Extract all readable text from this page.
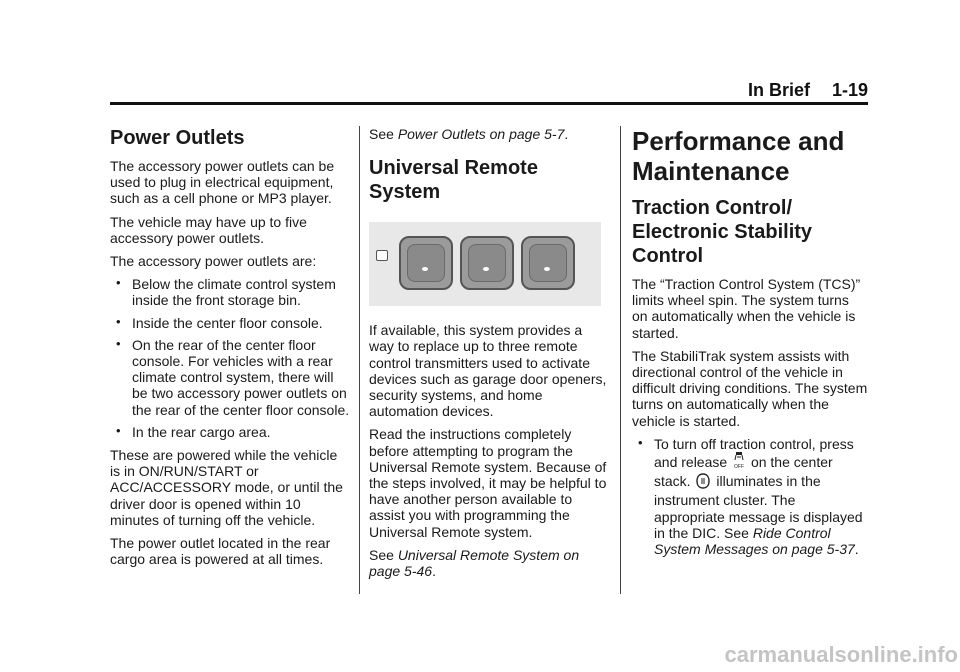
In Brief 1-19
Power Outlets

The accessory power outlets can be used to plug in electrical equipment, such as a cell phone or MP3 player.

The vehicle may have up to five accessory power outlets.

The accessory power outlets are:

• Below the climate control system inside the front storage bin.
• Inside the center floor console.
• On the rear of the center floor console. For vehicles with a rear climate control system, there will be two accessory power outlets on the rear of the center floor console.
• In the rear cargo area.

These are powered while the vehicle is in ON/RUN/START or ACC/ACCESSORY mode, or until the driver door is opened within 10 minutes of turning off the vehicle.

The power outlet located in the rear cargo area is powered at all times.

See Power Outlets on page 5-7.

Universal Remote System

If available, this system provides a way to replace up to three remote control transmitters used to activate devices such as garage door openers, security systems, and home automation devices.

Read the instructions completely before attempting to program the Universal Remote system. Because of the steps involved, it may be helpful to have another person available to assist you with programming the Universal Remote system.

See Universal Remote System on page 5-46.

Performance and Maintenance
Traction Control/ Electronic Stability Control

The “Traction Control System (TCS)” limits wheel spin. The system turns on automatically when the vehicle is started.

The StabiliTrak system assists with directional control of the vehicle in difficult driving conditions. The system turns on automatically when the vehicle is started.

• To turn off traction control, press and release OFF on the center stack. illuminates in the instrument cluster. The appropriate message is displayed in the DIC. See Ride Control System Messages on page 5-37.
carmanualsonline.info
